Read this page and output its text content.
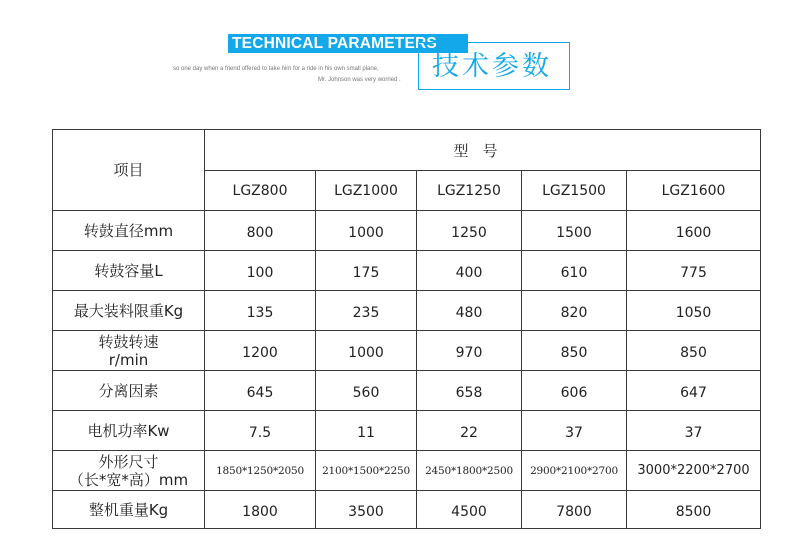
TECHNICAL PARAMETERS
so one day when a friend offered to take him for a ride in his own small plane,
Mr. Johnson was very worried . 技术参数
项目	型号				
	LGZ800	LGZ1000	LGZ1250	LGZ1500	LGZ1600
转鼓直径mm	800	1000	1250	1500	1600
转鼓容量L	100	175	400	610	775
最大装料限重Kg	135	235	480	820	1050
转鼓转速
r/min	1200	1000	970	850	850
分离因素	645	560	658	606	647
电机功率Kw	7.5	11	22	37	37
外形尺寸
（长*宽*高）mm	1850*1250*2050	2100*1500*2250	2450*1800*2500	2900*2100*2700	3000*2200*2700
整机重量Kg	1800	3500	4500	7800	8500
